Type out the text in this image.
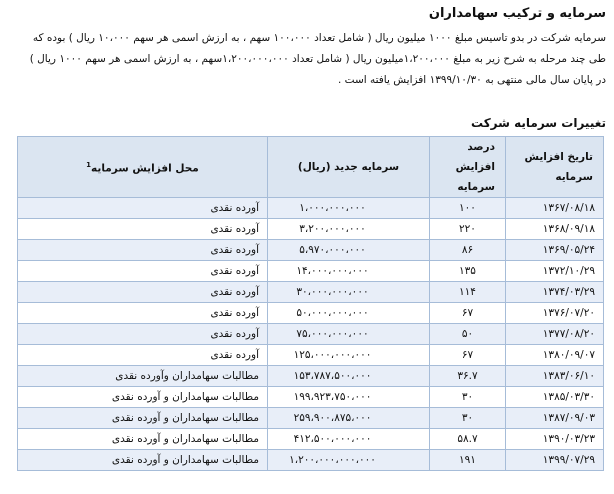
سرمایه و ترکیب سهامداران
سرمایه شرکت در بدو تاسیس مبلغ ۱۰۰۰ میلیون ریال ( شامل تعداد ۱۰۰،۰۰۰ سهم ، به ارزش اسمی هر سهم ۱۰،۰۰۰ ریال ) بوده که
طی چند مرحله به شرح زیر به مبلغ ۱،۲۰۰،۰۰۰میلیون ریال ( شامل تعداد ۱،۲۰۰،۰۰۰،۰۰۰سهم ، به ارزش اسمی هر سهم ۱۰۰۰ ریال )
در پایان سال مالی منتهی به ۱۳۹۹/۱۰/۳۰ افزایش یافته است .
تغییرات سرمایه شرکت
تاریخ افزایش سرمایه	درصد افزایش سرمایه	سرمایه جدید (ریال)	محل افزایش سرمایه$^1$
۱۳۶۷/۰۸/۱۸	۱۰۰	۱،۰۰۰،۰۰۰،۰۰۰	آورده نقدی
۱۳۶۸/۰۹/۱۸	۲۲۰	۳،۲۰۰،۰۰۰،۰۰۰	آورده نقدی
۱۳۶۹/۰۵/۲۴	۸۶	۵،۹۷۰،۰۰۰،۰۰۰	آورده نقدی
۱۳۷۲/۱۰/۲۹	۱۳۵	۱۴،۰۰۰،۰۰۰،۰۰۰	آورده نقدی
۱۳۷۴/۰۳/۲۹	۱۱۴	۳۰،۰۰۰،۰۰۰،۰۰۰	آورده نقدی
۱۳۷۶/۰۷/۲۰	۶۷	۵۰،۰۰۰،۰۰۰،۰۰۰	آورده نقدی
۱۳۷۷/۰۸/۲۰	۵۰	۷۵،۰۰۰،۰۰۰،۰۰۰	آورده نقدی
۱۳۸۰/۰۹/۰۷	۶۷	۱۲۵،۰۰۰،۰۰۰،۰۰۰	آورده نقدی
۱۳۸۳/۰۶/۱۰	۳۶.۷	۱۵۳،۷۸۷،۵۰۰،۰۰۰	مطالبات سهامداران وآورده نقدی
۱۳۸۵/۰۳/۳۰	۳۰	۱۹۹،۹۲۳،۷۵۰،۰۰۰	مطالبات سهامداران و آورده نقدی
۱۳۸۷/۰۹/۰۳	۳۰	۲۵۹،۹۰۰،۸۷۵،۰۰۰	مطالبات سهامداران و آورده نقدی
۱۳۹۰/۰۳/۲۳	۵۸.۷	۴۱۲،۵۰۰،۰۰۰،۰۰۰	مطالبات سهامداران و آورده نقدی
۱۳۹۹/۰۷/۲۹	۱۹۱	۱،۲۰۰،۰۰۰،۰۰۰،۰۰۰	مطالبات سهامداران و آورده نقدی
